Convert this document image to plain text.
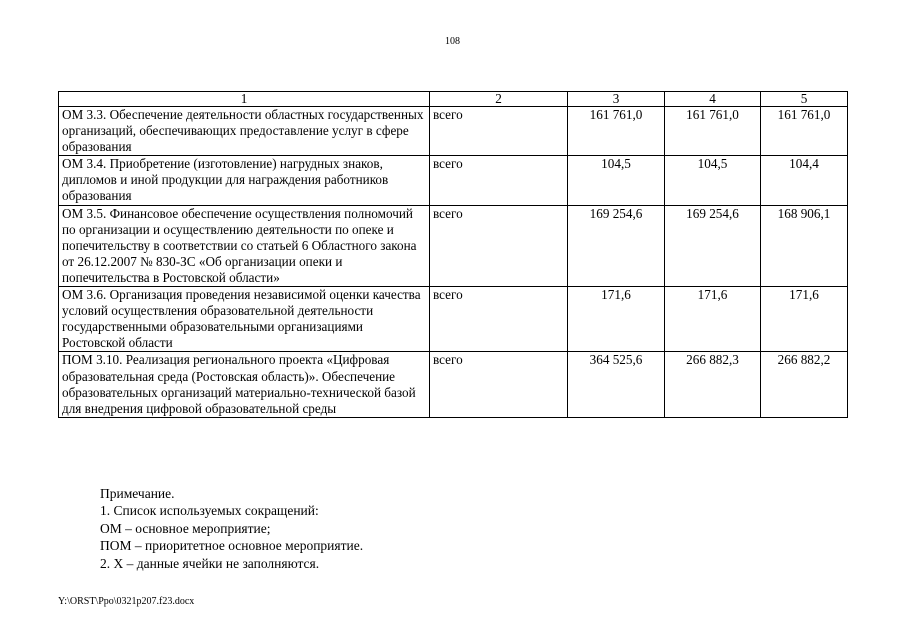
108
1	2	3	4	5
ОМ 3.3. Обеспечение деятельности областных государственных организаций, обеспечивающих предоставление услуг в сфере образования	всего	161 761,0	161 761,0	161 761,0
ОМ 3.4. Приобретение (изготовление) нагрудных знаков, дипломов и иной продукции для награждения работников образования	всего	104,5	104,5	104,4
ОМ 3.5. Финансовое обеспечение осуществления полномочий по организации и осуществлению деятельности по опеке и попечительству в соответствии со статьей 6 Областного закона от 26.12.2007 № 830-ЗС «Об организации опеки и попечительства в Ростовской области»	всего	169 254,6	169 254,6	168 906,1
ОМ 3.6. Организация проведения независимой оценки качества условий осуществления образовательной деятельности государственными образовательными организациями Ростовской области	всего	171,6	171,6	171,6
ПОМ 3.10. Реализация регионального проекта «Цифровая образовательная среда (Ростовская область)». Обеспечение образовательных организаций материально-технической базой для внедрения цифровой образовательной среды	всего	364 525,6	266 882,3	266 882,2
Примечание.
1. Список используемых сокращений:
ОМ – основное мероприятие;
ПОМ – приоритетное основное мероприятие.
2. Х – данные ячейки не заполняются.
Y:\ORST\Ppo\0321p207.f23.docx
